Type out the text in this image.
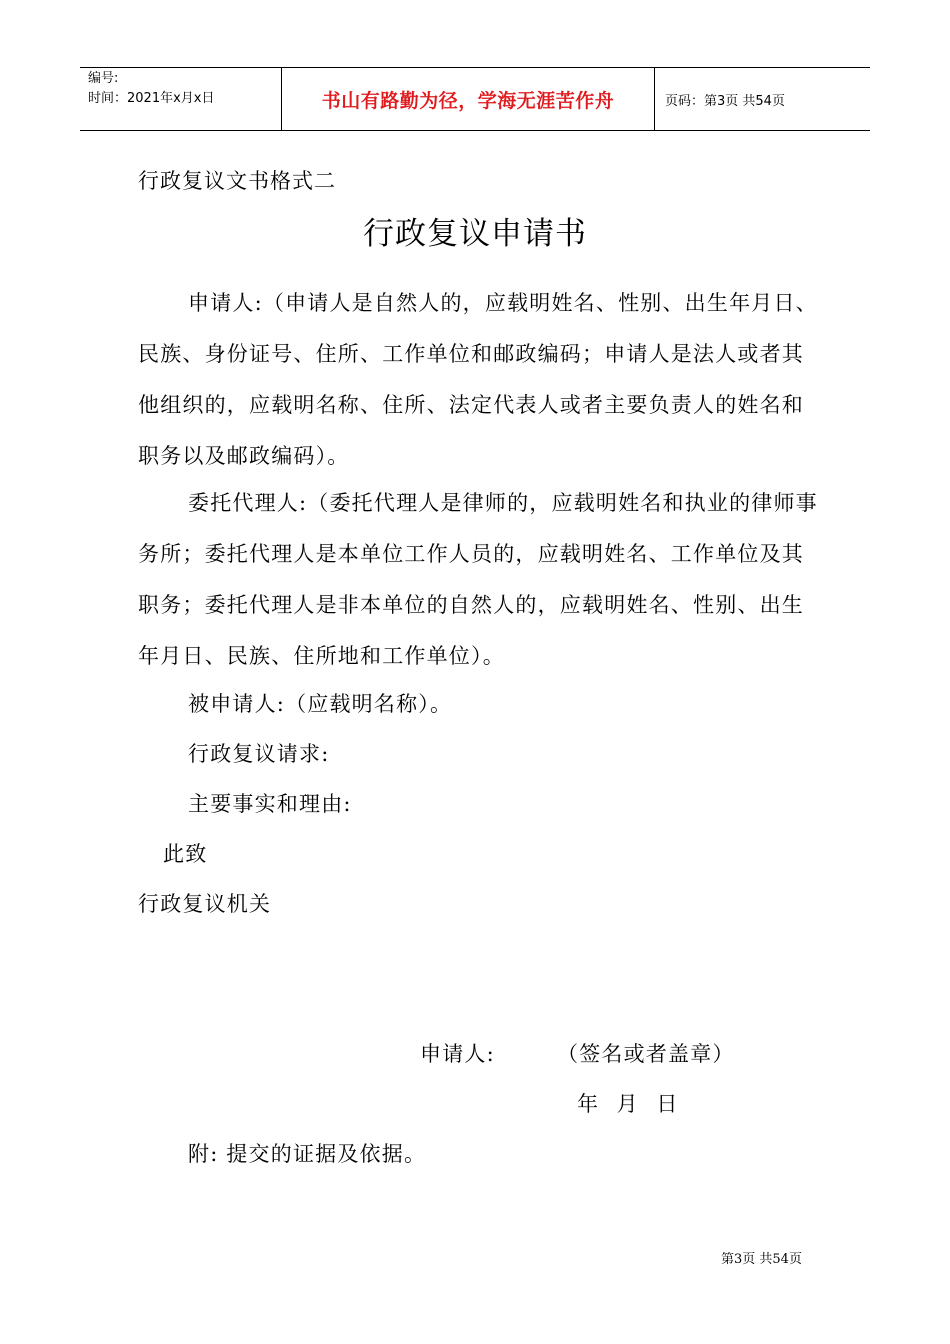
编号:
时间：2021年x月x日	书山有路勤为径，学海无涯苦作舟	页码：第3页 共54页
行政复议文书格式二
行政复议申请书
申请人:（申请人是自然人的，应载明姓名、性别、出生年月日、民族、身份证号、住所、工作单位和邮政编码；申请人是法人或者其他组织的，应载明名称、住所、法定代表人或者主要负责人的姓名和职务以及邮政编码）。
委托代理人:（委托代理人是律师的，应载明姓名和执业的律师事务所；委托代理人是本单位工作人员的，应载明姓名、工作单位及其职务；委托代理人是非本单位的自然人的，应载明姓名、性别、出生年月日、民族、住所地和工作单位）。
被申请人:（应载明名称）。
行政复议请求:
主要事实和理由:
此致
行政复议机关
申请人:	（签名或者盖章）
年 月 日
附: 提交的证据及依据。
第3页 共54页
